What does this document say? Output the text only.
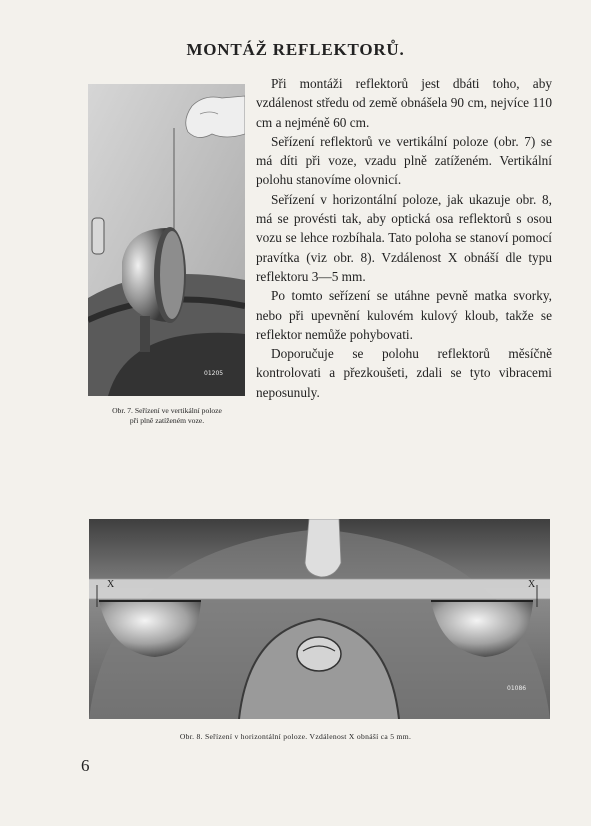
MONTÁŽ REFLEKTORŮ.
01205
Obr. 7. Seřízení ve vertikální poloze
při plně zatíženém voze.

Při montáži reflektorů jest dbáti toho, aby vzdálenost středu od země obnášela 90 cm, nejvíce 110 cm a nejméně 60 cm.

Seřízení reflektorů ve vertikální poloze (obr. 7) se má díti při voze, vzadu plně zatíženém. Vertikální polohu stanovíme olovnicí.

Seřízení v horizontální poloze, jak ukazuje obr. 8, má se provésti tak, aby optická osa reflektorů s osou vozu se lehce rozbíhala. Tato poloha se stanoví pomocí pravítka (viz obr. 8). Vzdálenost X obnáší dle typu reflektoru 3—5 mm.

Po tomto seřízení se utáhne pevně matka svorky, nebo při upevnění kulovém kulový kloub, takže se reflektor nemůže pohybovati.

Doporučuje se polohu reflektorů měsíčně kontrolovati a přezkoušeti, zdali se tyto vibracemi neposunuly.

X	X
01086
Obr. 8. Seřízení v horizontální poloze. Vzdálenost X obnáší ca 5 mm.
6
